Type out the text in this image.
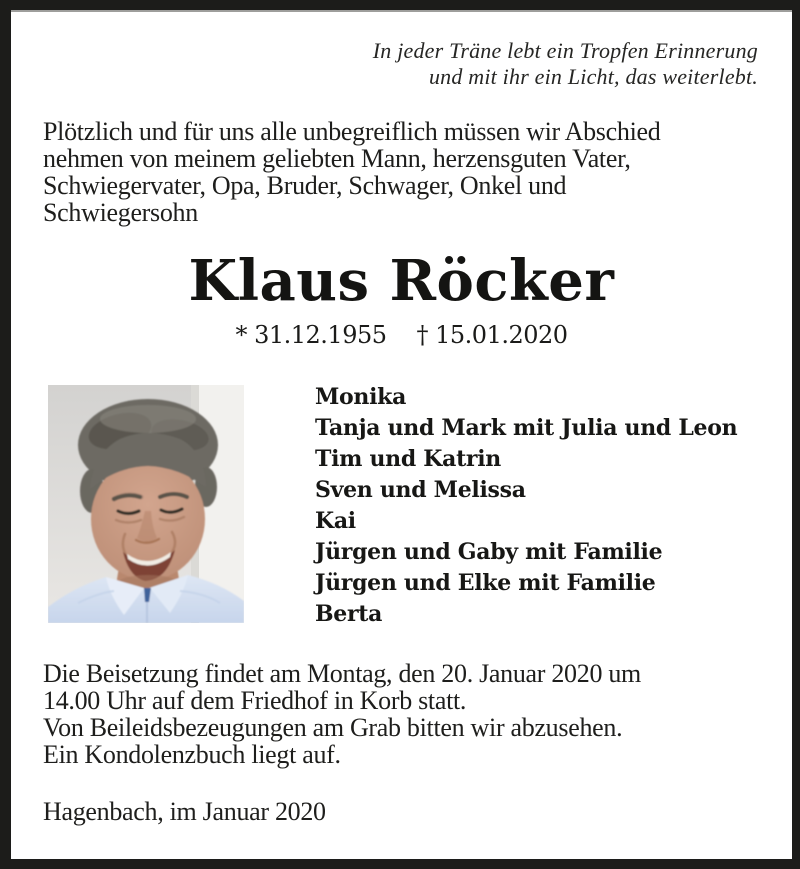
In jeder Träne lebt ein Tropfen Erinnerung
und mit ihr ein Licht, das weiterlebt.
Plötzlich und für uns alle unbegreiflich müssen wir Abschied
nehmen von meinem geliebten Mann, herzensguten Vater,
Schwiegervater, Opa, Bruder, Schwager, Onkel und
Schwiegersohn
Klaus Röcker
* 31.12.1955 † 15.01.2020
Monika
Tanja und Mark mit Julia und Leon
Tim und Katrin
Sven und Melissa
Kai
Jürgen und Gaby mit Familie
Jürgen und Elke mit Familie
Berta
Die Beisetzung findet am Montag, den 20. Januar 2020 um
14.00 Uhr auf dem Friedhof in Korb statt.
Von Beileidsbezeugungen am Grab bitten wir abzusehen.
Ein Kondolenzbuch liegt auf.
Hagenbach, im Januar 2020
